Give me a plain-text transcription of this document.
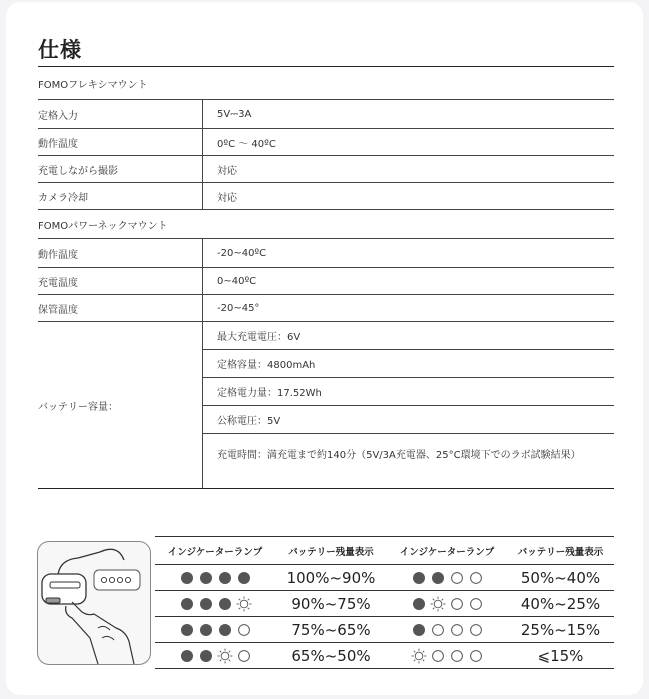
仕様
FOMOフレキシマウント
定格入力	5V⎓3A
動作温度	0ºC ～ 40ºC
充電しながら撮影	対応
カメラ冷却	対応
FOMOパワーネックマウント
動作温度	-20~40ºC
充電温度	0~40ºC
保管温度	-20~45°
バッテリー容量：
最大充電電圧：6V
定格容量：4800mAh
定格電力量：17.52Wh
公称電圧：5V
充電時間：満充電まで約140分（5V/3A充電器、25°C環境下でのラボ試験結果）
インジケーターランプ	バッテリー残量表示	インジケーターランプ	バッテリー残量表示

	100%~90%		50%~40%

	90%~75%		40%~25%

	75%~65%		25%~15%

	65%~50%		⩽15%
